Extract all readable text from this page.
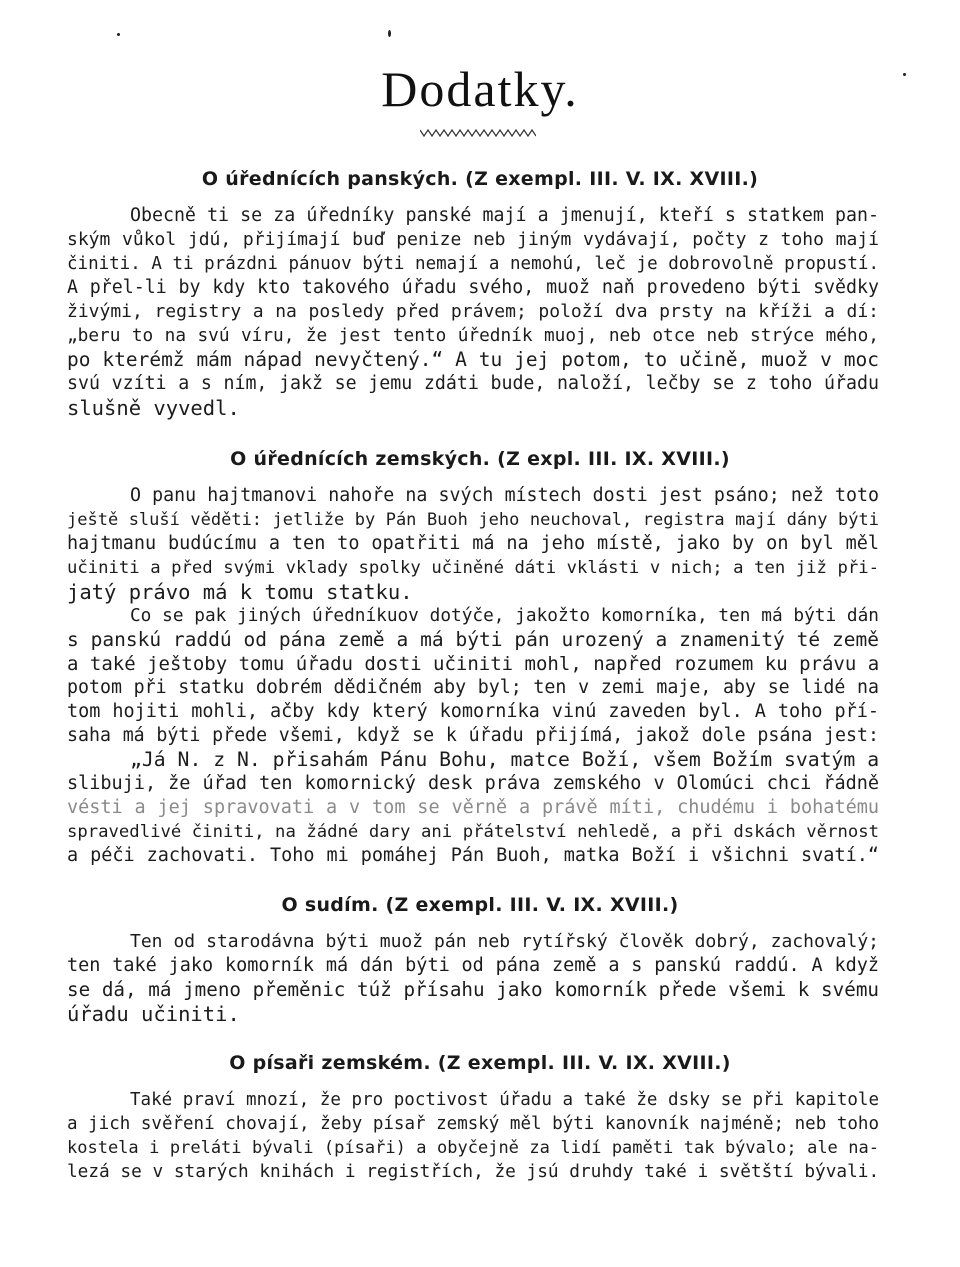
Dodatky.
O úřednících panských. (Z exempl. III. V. IX. XVIII.)
Obecně ti se za úředníky panské mají a jmenují, kteří s statkem pan-
ským vůkol jdú, přijímají buď penize neb jiným vydávají, počty z toho mají
činiti. A ti prázdni pánuov býti nemají a nemohú, leč je dobrovolně propustí.
A přel-li by kdy kto takového úřadu svého, muož naň provedeno býti svědky
živými, registry a na posledy před právem; položí dva prsty na kříži a dí:
„beru to na svú víru, že jest tento úředník muoj, neb otce neb strýce mého,
po kterémž mám nápad nevyčtený.“ A tu jej potom, to učině, muož v moc
svú vzíti a s ním, jakž se jemu zdáti bude, naloží, lečby se z toho úřadu
slušně vyvedl.
O úřednících zemských. (Z expl. III. IX. XVIII.)
O panu hajtmanovi nahoře na svých místech dosti jest psáno; než toto
ještě sluší věděti: jetliže by Pán Buoh jeho neuchoval, registra mají dány býti
hajtmanu budúcímu a ten to opatřiti má na jeho místě, jako by on byl měl
učiniti a před svými vklady spolky učiněné dáti vklásti v nich; a ten již při-
jatý právo má k tomu statku.
Co se pak jiných úředníkuov dotýče, jakožto komorníka, ten má býti dán
s panskú raddú od pána země a má býti pán urozený a znamenitý té země
a také ještoby tomu úřadu dosti učiniti mohl, napřed rozumem ku právu a
potom při statku dobrém dědičném aby byl; ten v zemi maje, aby se lidé na
tom hojiti mohli, ačby kdy který komorníka vinú zaveden byl. A toho pří-
saha má býti přede všemi, když se k úřadu přijímá, jakož dole psána jest:
„Já N. z N. přisahám Pánu Bohu, matce Boží, všem Božím svatým a
slibuji, že úřad ten komornický desk práva zemského v Olomúci chci řádně
vésti a jej spravovati a v tom se věrně a právě míti, chudému i bohatému
spravedlivé činiti, na žádné dary ani přátelství nehledě, a při dskách věrnost
a péči zachovati. Toho mi pomáhej Pán Buoh, matka Boží i všichni svatí.“
O sudím. (Z exempl. III. V. IX. XVIII.)
Ten od starodávna býti muož pán neb rytířský člověk dobrý, zachovalý;
ten také jako komorník má dán býti od pána země a s panskú raddú. A když
se dá, má jmeno přeměnic túž přísahu jako komorník přede všemi k svému
úřadu učiniti.
O písaři zemském. (Z exempl. III. V. IX. XVIII.)
Také praví mnozí, že pro poctivost úřadu a také že dsky se při kapitole
a jich svěření chovají, žeby písař zemský měl býti kanovník najméně; neb toho
kostela i preláti bývali (písaři) a obyčejně za lidí paměti tak bývalo; ale na-
lezá se v starých knihách i registřích, že jsú druhdy také i světští bývali.
